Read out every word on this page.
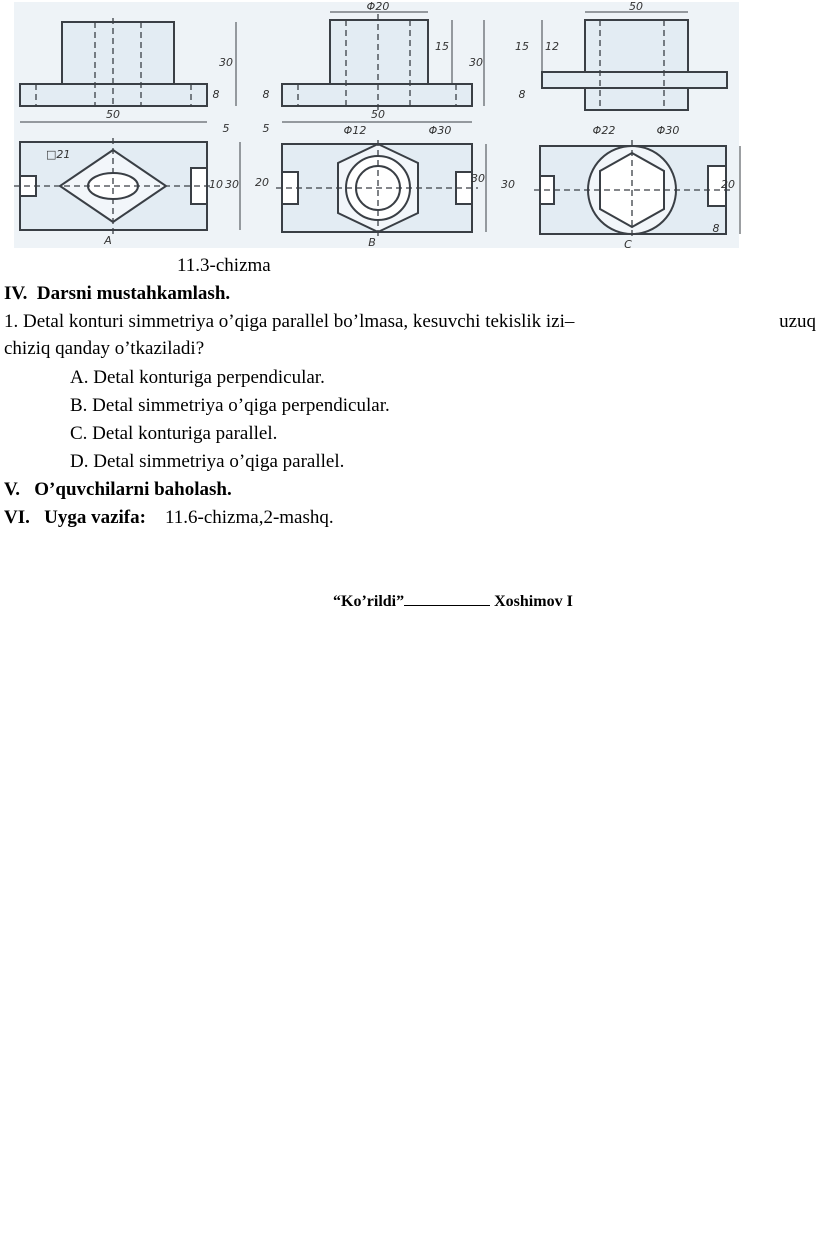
50
30
8
□21
5
10 30
Φ20
15
30
8
50
Φ12	Φ30
5
20	30
50
15 12
8
Φ22	Φ30
30	20
8
A	B	C
11.3-chizma
IV. Darsni mustahkamlash.
1. Detal konturi simmetriya o’qiga parallel bo’lmasa, kesuvchi tekislik izi–	uzuq
chiziq qanday o’tkaziladi?
A. Detal konturiga perpendicular.
B. Detal simmetriya o’qiga perpendicular.
C. Detal konturiga parallel.
D. Detal simmetriya o’qiga parallel.
V. O’quvchilarni baholash.
VI. Uyga vazifa: 11.6-chizma,2-mashq.
“Ko’rildi”	Xoshimov I
